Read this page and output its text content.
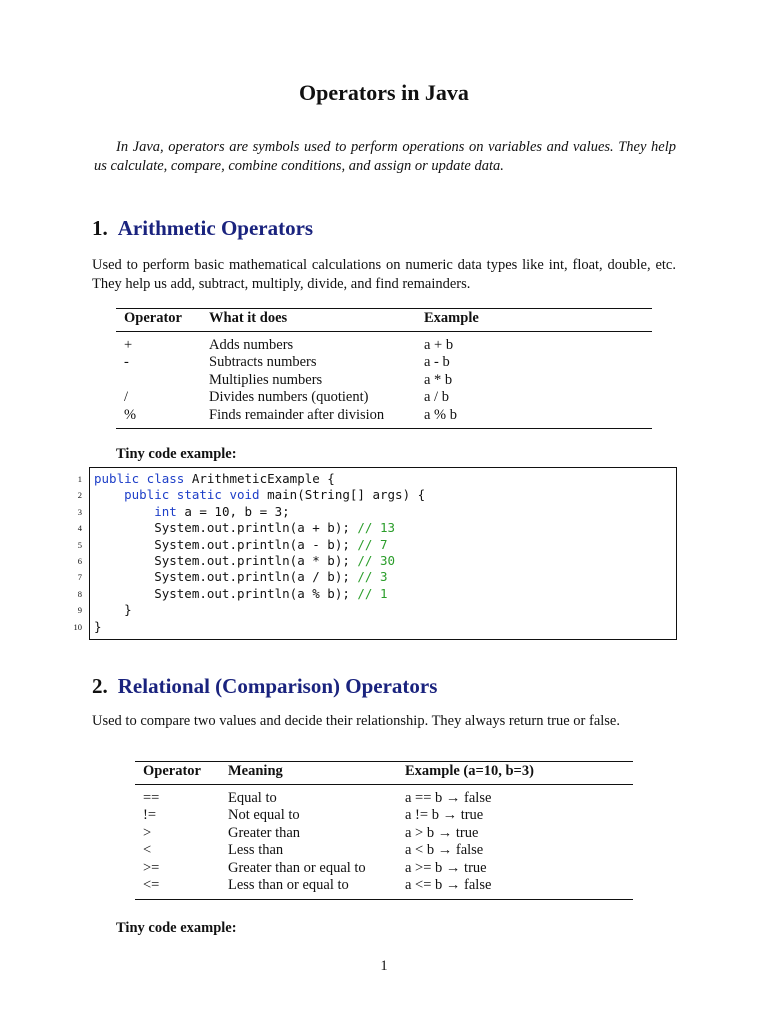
Operators in Java
In Java, operators are symbols used to perform operations on variables and values. They help us calculate, compare, combine conditions, and assign or update data.
1. Arithmetic Operators
Used to perform basic mathematical calculations on numeric data types like int, float, double, etc. They help us add, subtract, multiply, divide, and find remainders.
Operator	What it does	Example
+	Adds numbers	a + b
-	Subtracts numbers	a - b
	Multiplies numbers	a * b
/	Divides numbers (quotient)	a / b
%	Finds remainder after division	a % b
Tiny code example:
1 public class ArithmeticExample {
2	public static void main(String[] args) {
3	int a = 10, b = 3;
4 System.out.println(a + b); // 13
5 System.out.println(a - b); // 7
6 System.out.println(a * b); // 30
7 System.out.println(a / b); // 3
8 System.out.println(a % b); // 1
9 }
10 }
2. Relational (Comparison) Operators
Used to compare two values and decide their relationship. They always return true or false.
Operator	Meaning	Example (a=10, b=3)
==	Equal to	a == b → false
!=	Not equal to	a != b → true
>	Greater than	a > b → true
<	Less than	a < b → false
>=	Greater than or equal to	a >= b → true
<=	Less than or equal to	a <= b → false
Tiny code example:
1
